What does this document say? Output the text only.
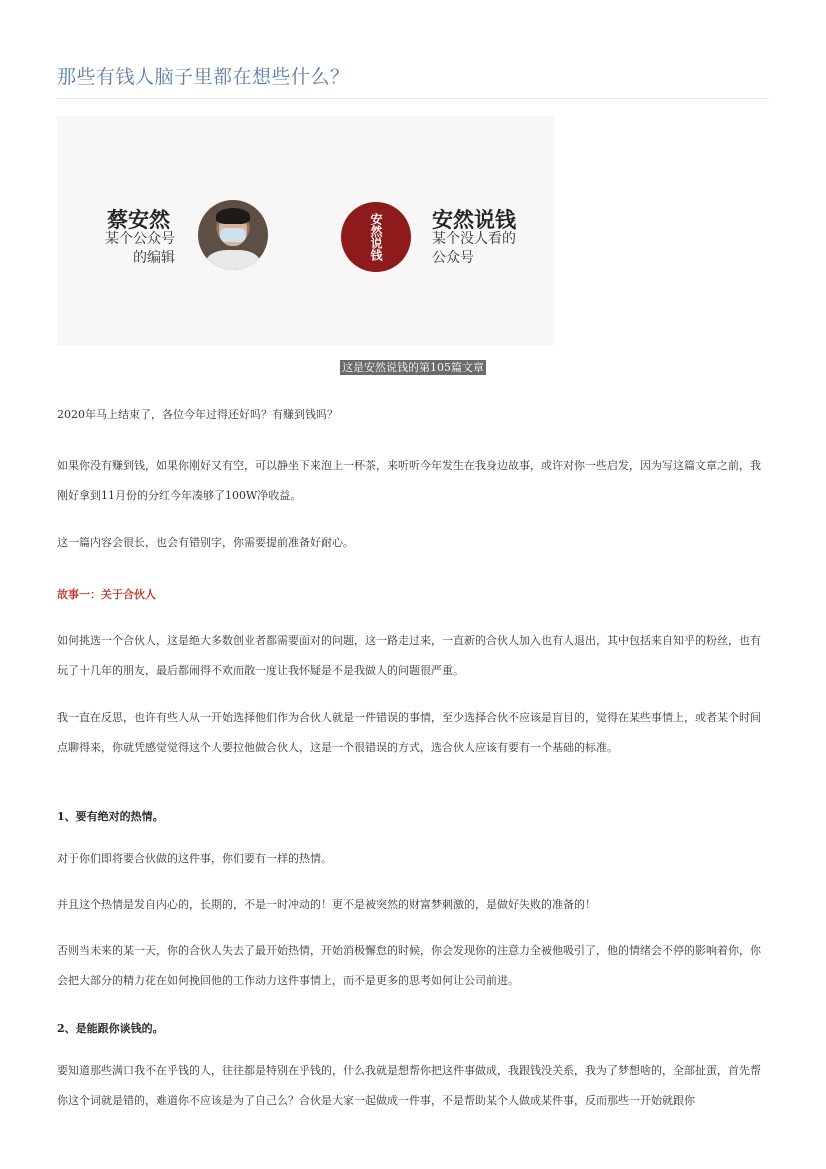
那些有钱人脑子里都在想些什么？
蔡安然
某个公众号
的编辑	安然说钱	安然说钱
某个没人看的
公众号
这是安然说钱的第105篇文章
2020年马上结束了，各位今年过得还好吗？有赚到钱吗？
如果你没有赚到钱，如果你刚好又有空，可以静坐下来泡上一杯茶，来听听今年发生在我身边故事，或许对你一些启发，因为写这篇文章之前，我刚好拿到11月份的分红今年凑够了100W净收益。
这一篇内容会很长，也会有错别字，你需要提前准备好耐心。
故事一：关于合伙人
如何挑选一个合伙人，这是绝大多数创业者都需要面对的问题，这一路走过来，一直新的合伙人加入也有人退出，其中包括来自知乎的粉丝，也有玩了十几年的朋友，最后都闹得不欢而散一度让我怀疑是不是我做人的问题很严重。
我一直在反思，也许有些人从一开始选择他们作为合伙人就是一件错误的事情，至少选择合伙不应该是盲目的，觉得在某些事情上，或者某个时间点聊得来，你就凭感觉觉得这个人要拉他做合伙人，这是一个很错误的方式，选合伙人应该有要有一个基础的标准。
1、要有绝对的热情。
对于你们即将要合伙做的这件事，你们要有一样的热情。
并且这个热情是发自内心的，长期的，不是一时冲动的！更不是被突然的财富梦刺激的，是做好失败的准备的！
否则当未来的某一天，你的合伙人失去了最开始热情，开始消极懈怠的时候，你会发现你的注意力全被他吸引了，他的情绪会不停的影响着你，你会把大部分的精力花在如何挽回他的工作动力这件事情上，而不是更多的思考如何让公司前进。
2、是能跟你谈钱的。
要知道那些满口我不在乎钱的人，往往都是特别在乎钱的，什么我就是想帮你把这件事做成，我跟钱没关系，我为了梦想啥的，全部扯蛋，首先帮你这个词就是错的，难道你不应该是为了自己么？合伙是大家一起做成一件事，不是帮助某个人做成某件事，反而那些一开始就跟你
